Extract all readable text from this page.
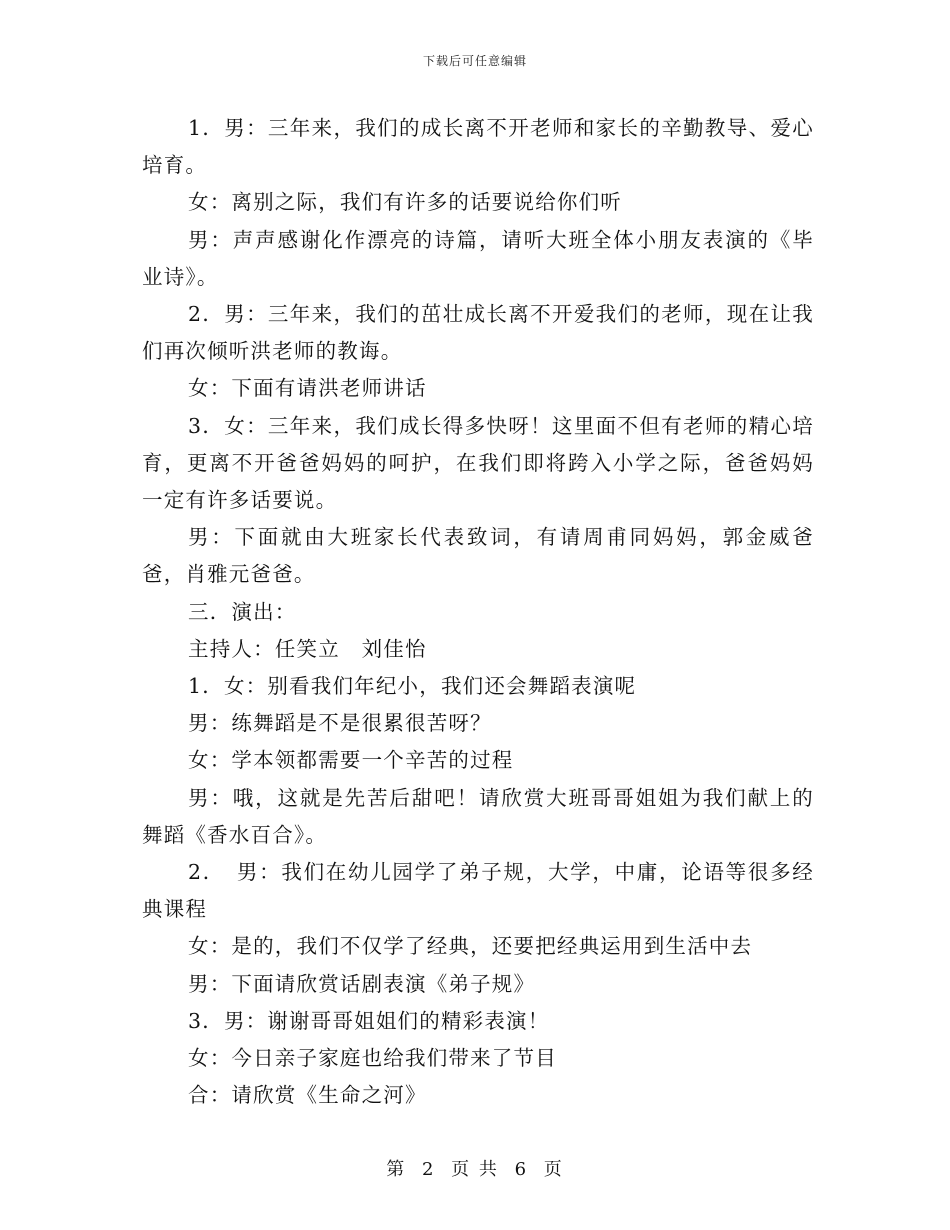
下载后可任意编辑

1．男：三年来，我们的成长离不开老师和家长的辛勤教导、爱心培育。

女：离别之际，我们有许多的话要说给你们听

男：声声感谢化作漂亮的诗篇，请听大班全体小朋友表演的《毕业诗》。

2．男：三年来，我们的茁壮成长离不开爱我们的老师，现在让我们再次倾听洪老师的教诲。

女：下面有请洪老师讲话

3．女：三年来，我们成长得多快呀！这里面不但有老师的精心培育，更离不开爸爸妈妈的呵护，在我们即将跨入小学之际，爸爸妈妈一定有许多话要说。

男：下面就由大班家长代表致词，有请周甫同妈妈，郭金威爸爸，肖雅元爸爸。

三．演出：

主持人：任笑立　刘佳怡

1．女：别看我们年纪小，我们还会舞蹈表演呢

男：练舞蹈是不是很累很苦呀？

女：学本领都需要一个辛苦的过程

男：哦，这就是先苦后甜吧！请欣赏大班哥哥姐姐为我们献上的舞蹈《香水百合》。

2．　男：我们在幼儿园学了弟子规，大学，中庸，论语等很多经典课程

女：是的，我们不仅学了经典，还要把经典运用到生活中去

男：下面请欣赏话剧表演《弟子规》

3．男：谢谢哥哥姐姐们的精彩表演！

女：今日亲子家庭也给我们带来了节目

合：请欣赏《生命之河》

第 2 页 共 6 页
